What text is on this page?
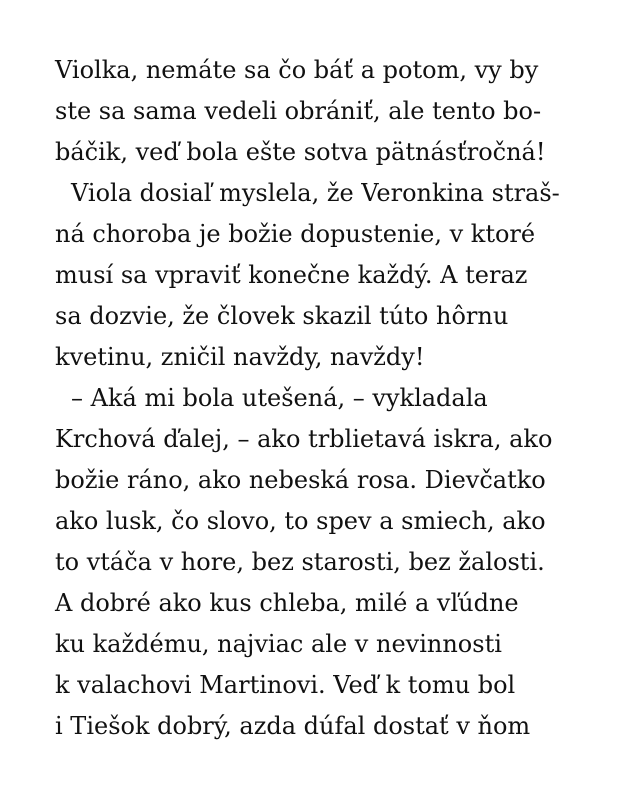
Violka, nemáte sa čo báť a potom, vy by
ste sa sama vedeli obrániť, ale tento bo-
báčik, veď bola ešte sotva pätnásťročná!
Viola dosiaľ myslela, že Veronkina straš-
ná choroba je božie dopustenie, v ktoré
musí sa vpraviť konečne každý. A teraz
sa dozvie, že človek skazil túto hôrnu
kvetinu, zničil navždy, navždy!
– Aká mi bola utešená, – vykladala
Krchová ďalej, – ako trblietavá iskra, ako
božie ráno, ako nebeská rosa. Dievčatko
ako lusk, čo slovo, to spev a smiech, ako
to vtáča v hore, bez starosti, bez žalosti.
A dobré ako kus chleba, milé a vľúdne
ku každému, najviac ale v nevinnosti
k valachovi Martinovi. Veď k tomu bol
i Tiešok dobrý, azda dúfal dostať v ňom
